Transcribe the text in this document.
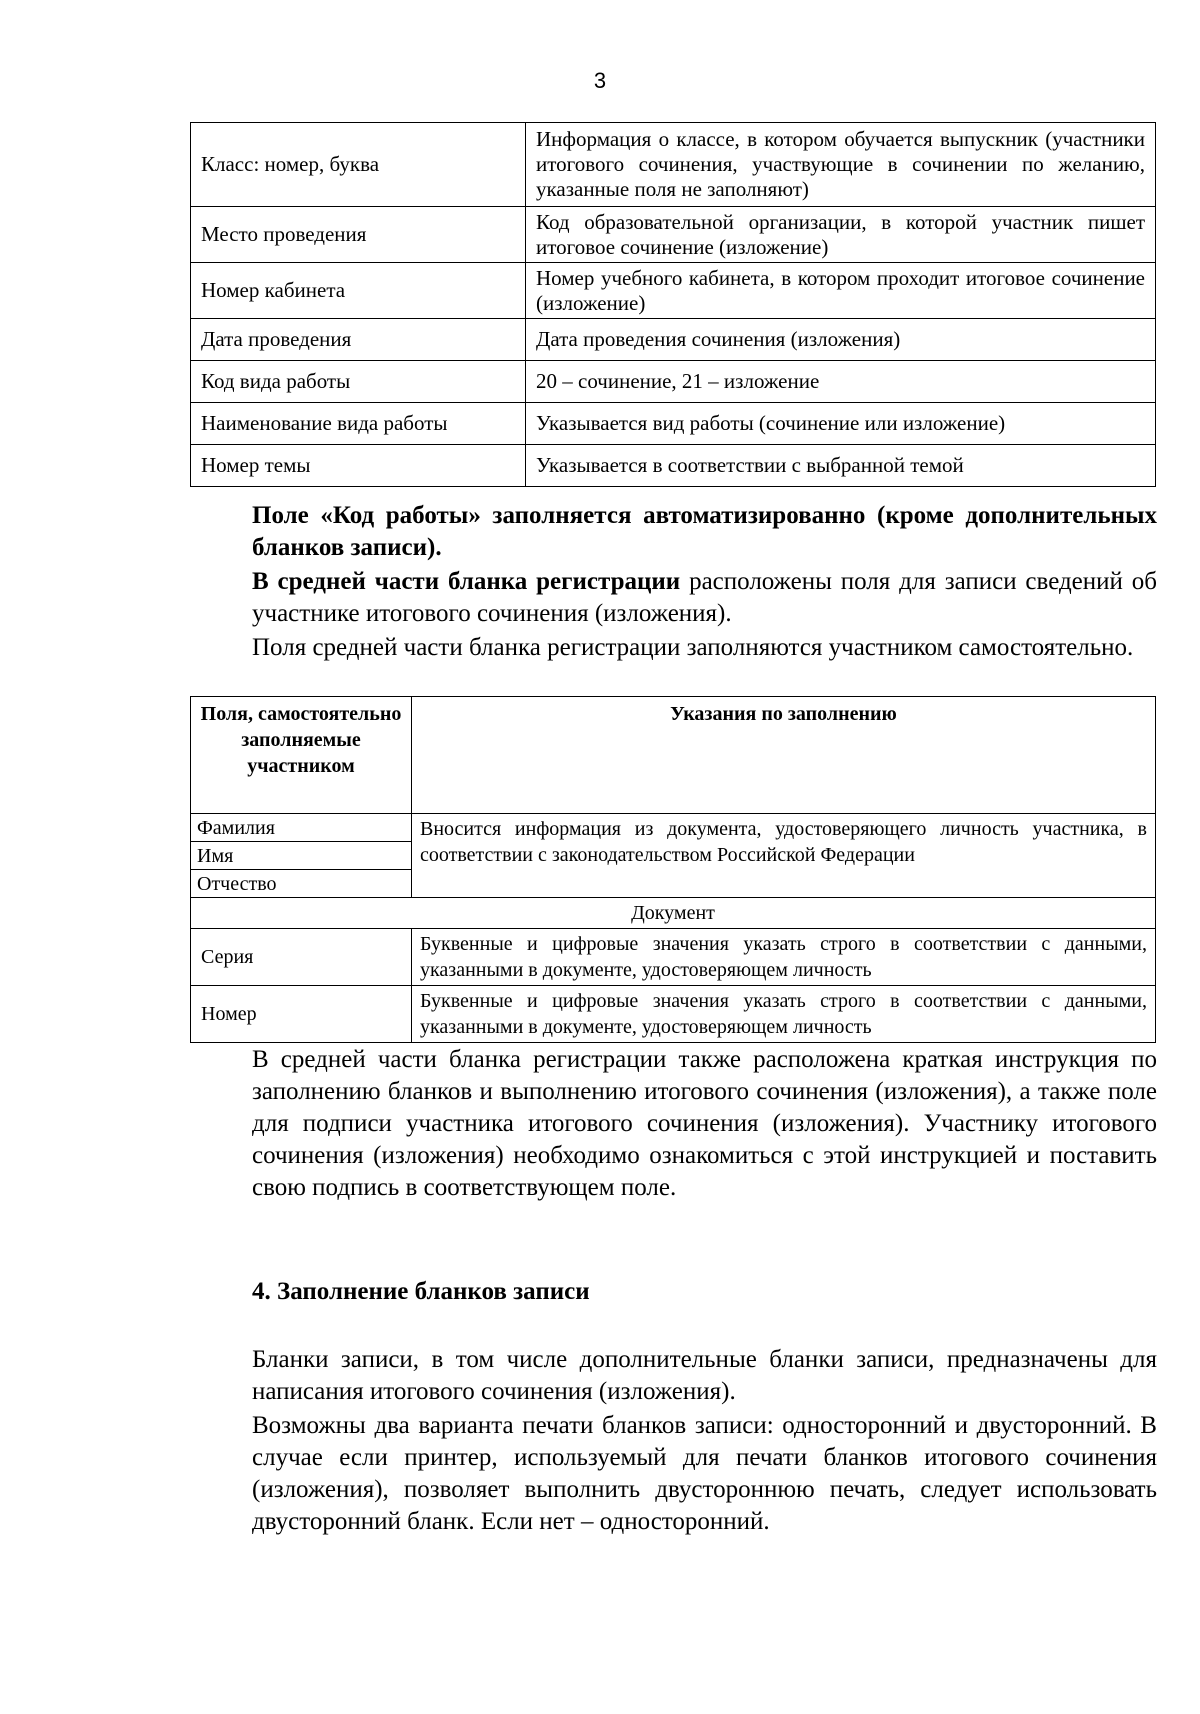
3
Класс: номер, буква	Информация о классе, в котором обучается выпускник (участники итогового сочинения, участвующие в сочинении по желанию, указанные поля не заполняют)
Место проведения	Код образовательной организации, в которой участник пишет итоговое сочинение (изложение)
Номер кабинета	Номер учебного кабинета, в котором проходит итоговое сочинение (изложение)
Дата проведения	Дата проведения сочинения (изложения)
Код вида работы	20 – сочинение, 21 – изложение
Наименование вида работы	Указывается вид работы (сочинение или изложение)
Номер темы	Указывается в соответствии с выбранной темой
Поле «Код работы» заполняется автоматизированно (кроме дополнительных бланков записи).
В средней части бланка регистрации расположены поля для записи сведений об участнике итогового сочинения (изложения).
Поля средней части бланка регистрации заполняются участником самостоятельно.
Поля, самостоятельно заполняемые участником	Указания по заполнению
Фамилия	Вносится информация из документа, удостоверяющего личность участника, в соответствии с законодательством Российской Федерации
Имя	
Отчество	
Документ	
Серия	Буквенные и цифровые значения указать строго в соответствии с данными, указанными в документе, удостоверяющем личность
Номер	Буквенные и цифровые значения указать строго в соответствии с данными, указанными в документе, удостоверяющем личность
В средней части бланка регистрации также расположена краткая инструкция по заполнению бланков и выполнению итогового сочинения (изложения), а также поле для подписи участника итогового сочинения (изложения). Участнику итогового сочинения (изложения) необходимо ознакомиться с этой инструкцией и поставить свою подпись в соответствующем поле.
4. Заполнение бланков записи
Бланки записи, в том числе дополнительные бланки записи, предназначены для написания итогового сочинения (изложения).
Возможны два варианта печати бланков записи: односторонний и двусторонний. В случае если принтер, используемый для печати бланков итогового сочинения (изложения), позволяет выполнить двустороннюю печать, следует использовать двусторонний бланк. Если нет – односторонний.
